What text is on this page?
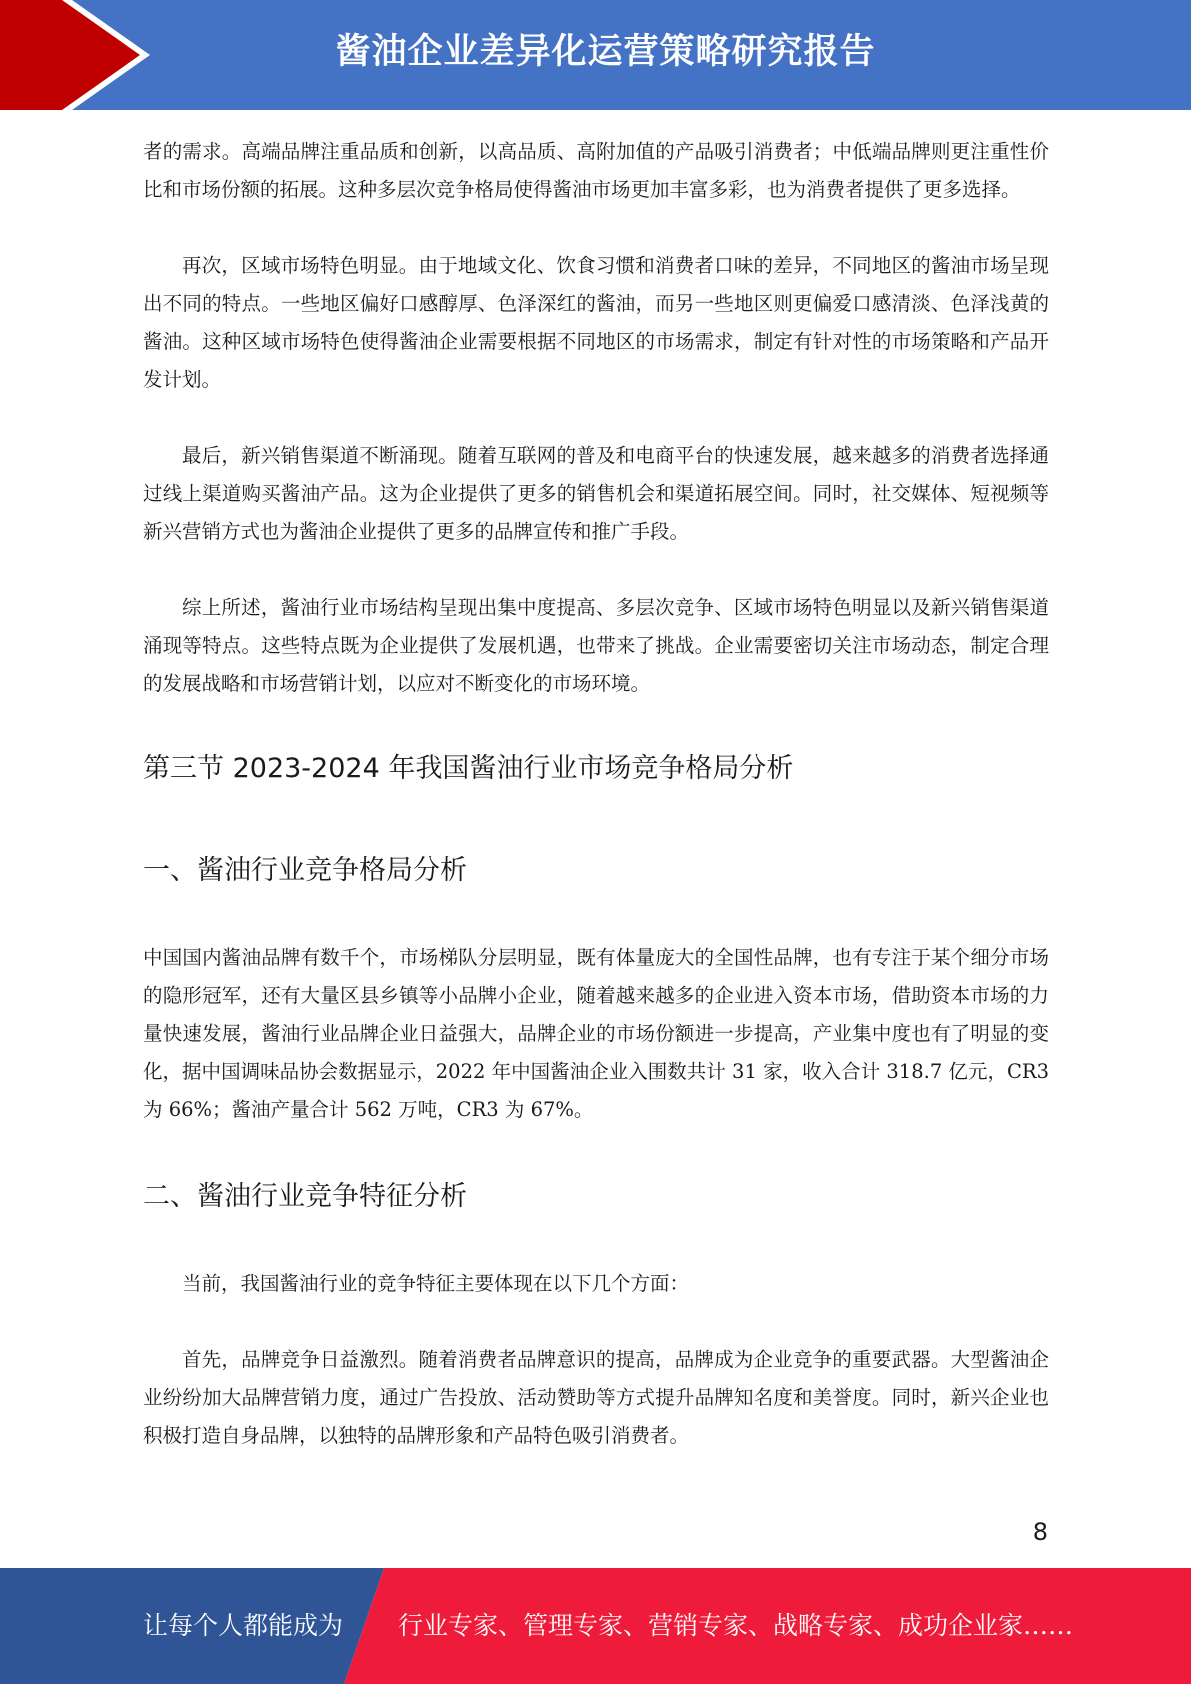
酱油企业差异化运营策略研究报告

者的需求。高端品牌注重品质和创新，以高品质、高附加值的产品吸引消费者；中低端品牌则更注重性价比和市场份额的拓展。这种多层次竞争格局使得酱油市场更加丰富多彩，也为消费者提供了更多选择。

再次，区域市场特色明显。由于地域文化、饮食习惯和消费者口味的差异，不同地区的酱油市场呈现出不同的特点。一些地区偏好口感醇厚、色泽深红的酱油，而另一些地区则更偏爱口感清淡、色泽浅黄的酱油。这种区域市场特色使得酱油企业需要根据不同地区的市场需求，制定有针对性的市场策略和产品开发计划。

最后，新兴销售渠道不断涌现。随着互联网的普及和电商平台的快速发展，越来越多的消费者选择通过线上渠道购买酱油产品。这为企业提供了更多的销售机会和渠道拓展空间。同时，社交媒体、短视频等新兴营销方式也为酱油企业提供了更多的品牌宣传和推广手段。

综上所述，酱油行业市场结构呈现出集中度提高、多层次竞争、区域市场特色明显以及新兴销售渠道涌现等特点。这些特点既为企业提供了发展机遇，也带来了挑战。企业需要密切关注市场动态，制定合理的发展战略和市场营销计划，以应对不断变化的市场环境。

第三节 2023-2024 年我国酱油行业市场竞争格局分析
一、酱油行业竞争格局分析

中国国内酱油品牌有数千个，市场梯队分层明显，既有体量庞大的全国性品牌，也有专注于某个细分市场的隐形冠军，还有大量区县乡镇等小品牌小企业，随着越来越多的企业进入资本市场，借助资本市场的力量快速发展，酱油行业品牌企业日益强大，品牌企业的市场份额进一步提高，产业集中度也有了明显的变化，据中国调味品协会数据显示，2022 年中国酱油企业入围数共计 31 家，收入合计 318.7 亿元，CR3 为 66%；酱油产量合计 562 万吨，CR3 为 67%。

二、酱油行业竞争特征分析

当前，我国酱油行业的竞争特征主要体现在以下几个方面：

首先，品牌竞争日益激烈。随着消费者品牌意识的提高，品牌成为企业竞争的重要武器。大型酱油企业纷纷加大品牌营销力度，通过广告投放、活动赞助等方式提升品牌知名度和美誉度。同时，新兴企业也积极打造自身品牌，以独特的品牌形象和产品特色吸引消费者。

8
让每个人都能成为 行业专家、管理专家、营销专家、战略专家、成功企业家……
